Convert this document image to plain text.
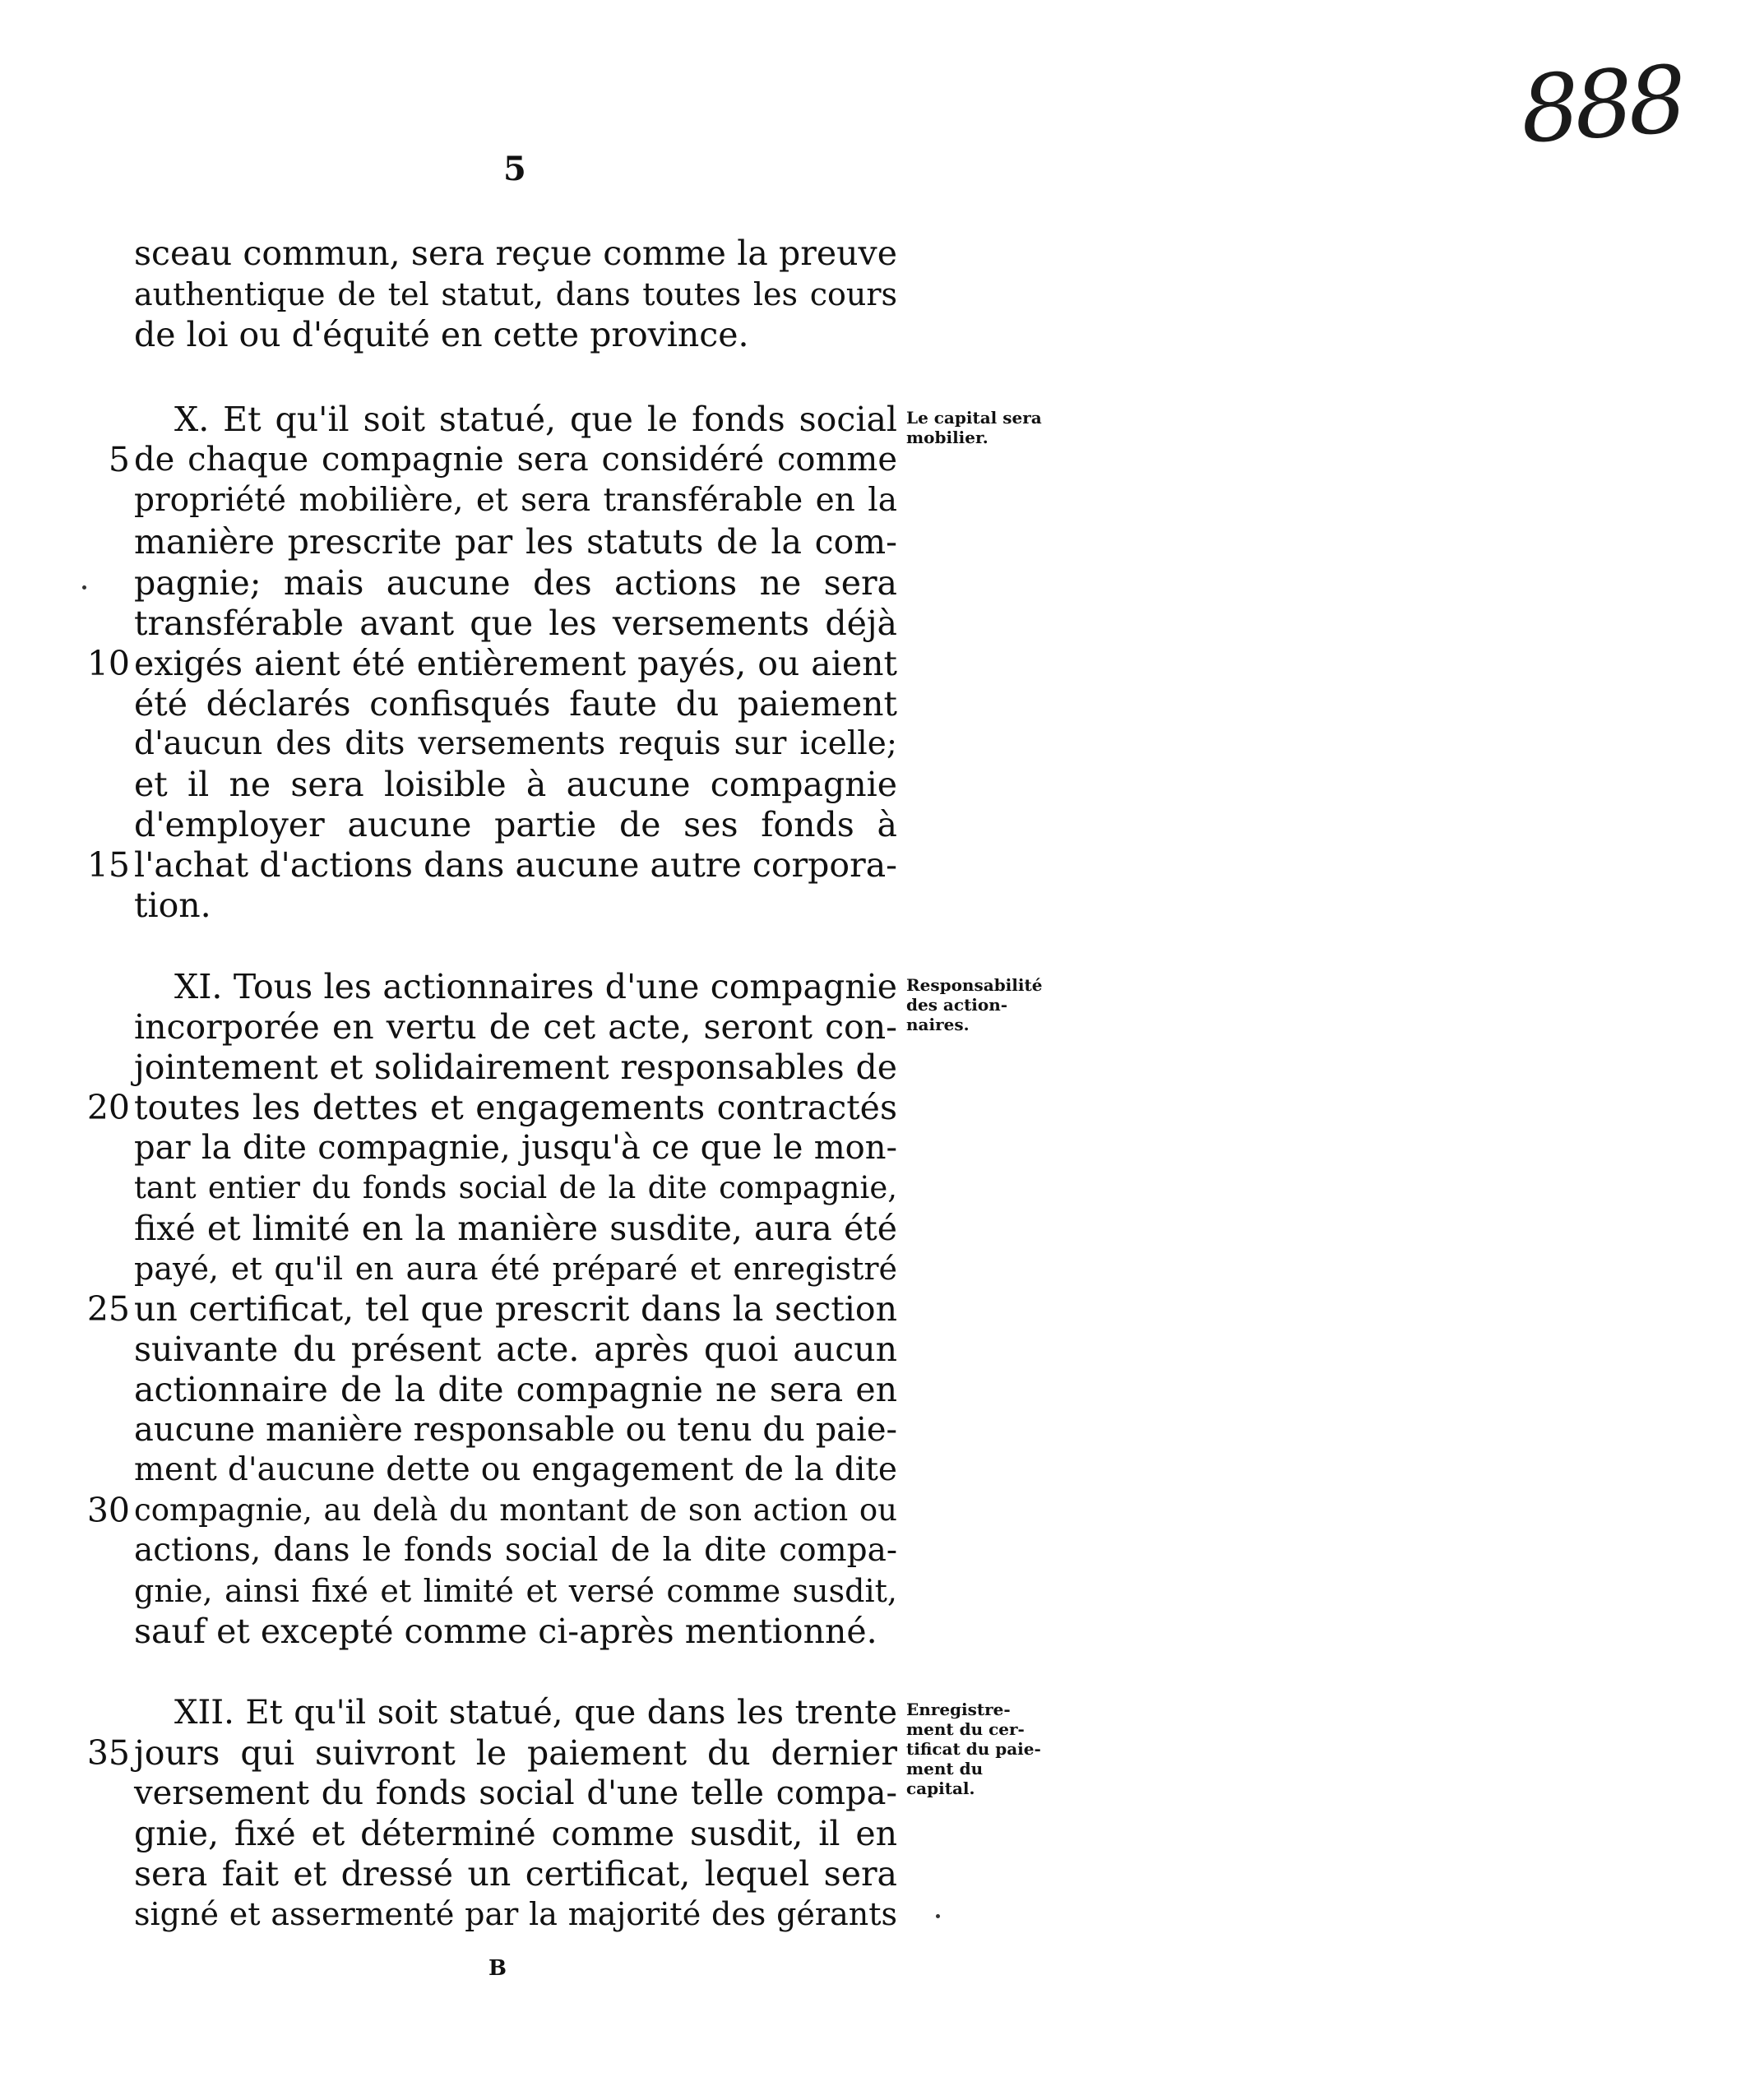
888
5
sceau commun, sera reçue comme la preuve
authentique de tel statut, dans toutes les cours
de loi ou d'équité en cette province.
X. Et qu'il soit statué, que le fonds social
de chaque compagnie sera considéré comme
propriété mobilière, et sera transférable en la
manière prescrite par les statuts de la com-
pagnie; mais aucune des actions ne sera
transférable avant que les versements déjà
exigés aient été entièrement payés, ou aient
été déclarés confisqués faute du paiement
d'aucun des dits versements requis sur icelle;
et il ne sera loisible à aucune compagnie
d'employer aucune partie de ses fonds à
l'achat d'actions dans aucune autre corpora-
tion.
XI. Tous les actionnaires d'une compagnie
incorporée en vertu de cet acte, seront con-
jointement et solidairement responsables de
toutes les dettes et engagements contractés
par la dite compagnie, jusqu'à ce que le mon-
tant entier du fonds social de la dite compagnie,
fixé et limité en la manière susdite, aura été
payé, et qu'il en aura été préparé et enregistré
un certificat, tel que prescrit dans la section
suivante du présent acte. après quoi aucun
actionnaire de la dite compagnie ne sera en
aucune manière responsable ou tenu du paie-
ment d'aucune dette ou engagement de la dite
compagnie, au delà du montant de son action ou
actions, dans le fonds social de la dite compa-
gnie, ainsi fixé et limité et versé comme susdit,
sauf et excepté comme ci-après mentionné.
XII. Et qu'il soit statué, que dans les trente
jours qui suivront le paiement du dernier
versement du fonds social d'une telle compa-
gnie, fixé et déterminé comme susdit, il en
sera fait et dressé un certificat, lequel sera
signé et assermenté par la majorité des gérants
5
10
15
20
25
30
35
Le capital sera
mobilier.
Responsabilité
des action-
naires.
Enregistre-
ment du cer-
tificat du paie-
ment du
capital.
B
